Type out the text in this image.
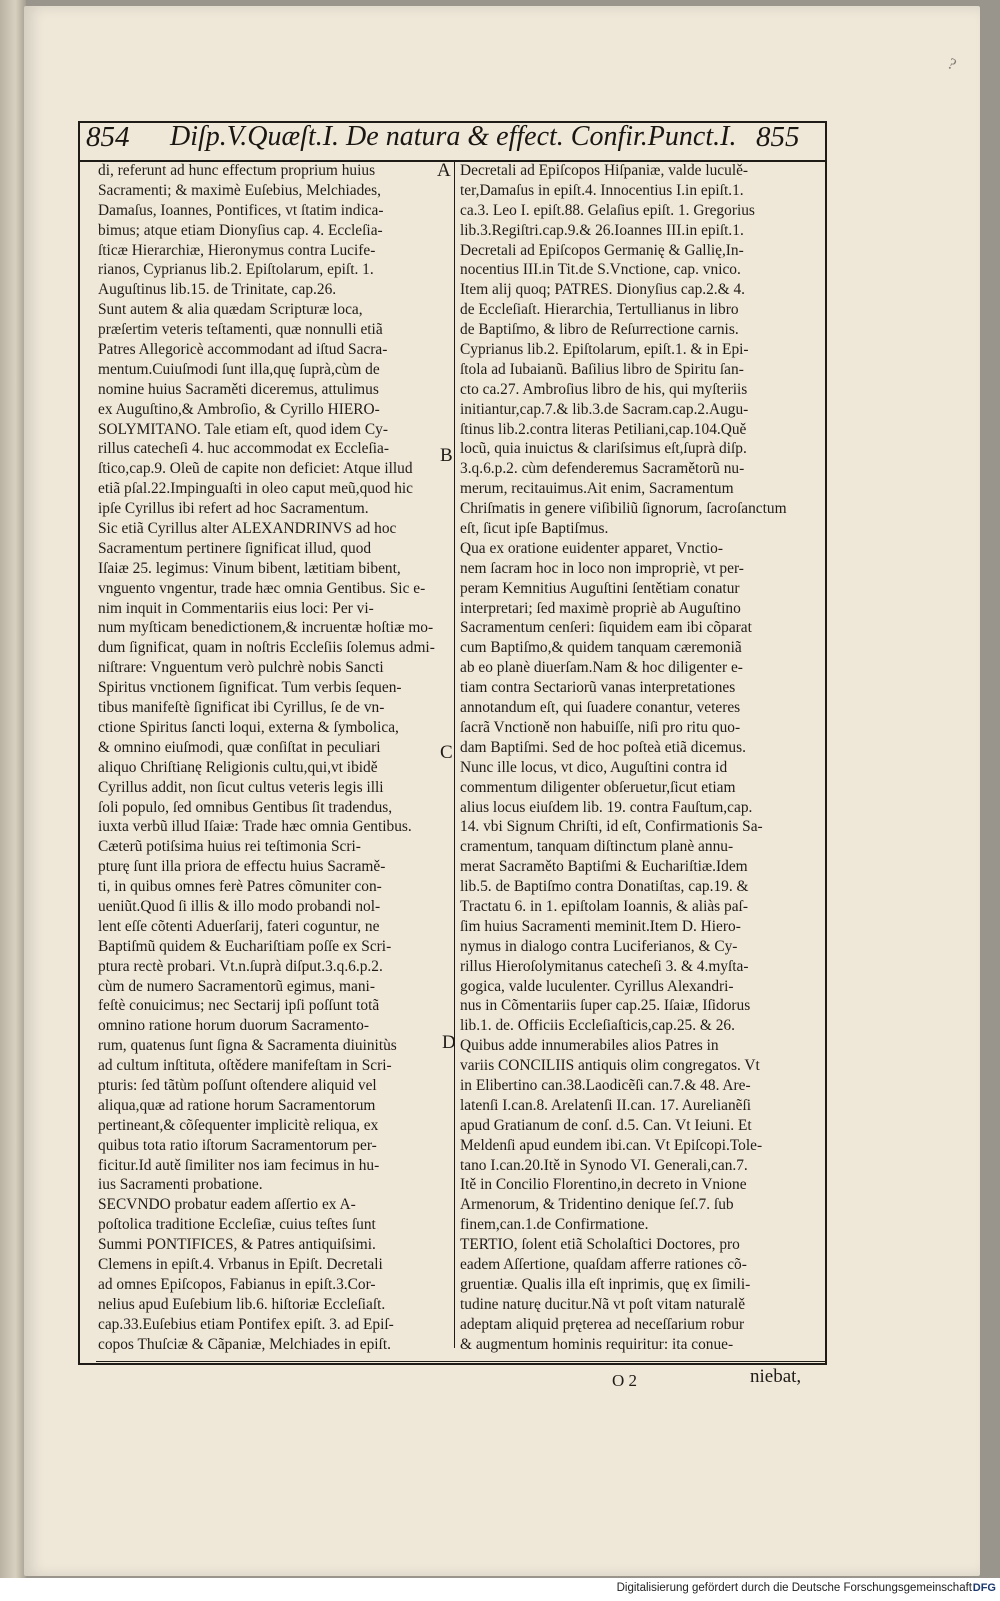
?
854 Diſp.V.Quæſt.I. De natura & effect. Confir.Punct.I. 855
di, referunt ad hunc effectum proprium huius
Sacramenti; & maximè Euſebius, Melchiades,
Damaſus, Ioannes, Pontifices, vt ſtatim indica-
bimus; atque etiam Dionyſius cap. 4. Eccleſia-
ſticæ Hierarchiæ, Hieronymus contra Lucife-
rianos, Cyprianus lib.2. Epiſtolarum, epiſt. 1.
Auguſtinus lib.15. de Trinitate, cap.26.
Sunt autem & alia quædam Scripturæ loca,
præſertim veteris teſtamenti, quæ nonnulli etiã
Patres Allegoricè accommodant ad iſtud Sacra-
mentum.Cuiuſmodi ſunt illa,quę ſuprà,cùm de
nomine huius Sacraměti diceremus, attulimus
ex Auguſtino,& Ambroſio, & Cyrillo HIERO-
SOLYMITANO. Tale etiam eſt, quod idem Cy-
rillus catecheſi 4. huc accommodat ex Eccleſia-
ſtico,cap.9. Oleũ de capite non deficiet: Atque illud
etiã pſal.22.Impinguaſti in oleo caput meũ,quod hic
ipſe Cyrillus ibi refert ad hoc Sacramentum.
Sic etiã Cyrillus alter ALEXANDRINVS ad hoc
Sacramentum pertinere ſignificat illud, quod
Iſaiæ 25. legimus: Vinum bibent, lætitiam bibent,
vnguento vngentur, trade hæc omnia Gentibus. Sic e-
nim inquit in Commentariis eius loci: Per vi-
num myſticam benedictionem,& incruentæ hoſtiæ mo-
dum ſignificat, quam in noſtris Eccleſiis ſolemus admi-
niſtrare: Vnguentum verò pulchrè nobis Sancti
Spiritus vnctionem ſignificat. Tum verbis ſequen-
tibus manifeſtè ſignificat ibi Cyrillus, ſe de vn-
ctione Spiritus ſancti loqui, externa & ſymbolica,
& omnino eiuſmodi, quæ conſiſtat in peculiari
aliquo Chriſtianę Religionis cultu,qui,vt ibidě
Cyrillus addit, non ſicut cultus veteris legis illi
ſoli populo, ſed omnibus Gentibus ſit tradendus,
iuxta verbũ illud Iſaiæ: Trade hæc omnia Gentibus.
Cæterũ potiſsima huius rei teſtimonia Scri-
pturę ſunt illa priora de effectu huius Sacramě-
ti, in quibus omnes ferè Patres cõmuniter con-
ueniũt.Quod ſi illis & illo modo probandi nol-
lent eſſe cõtenti Aduerſarij, fateri coguntur, ne
Baptiſmũ quidem & Euchariſtiam poſſe ex Scri-
ptura rectè probari. Vt.n.ſuprà diſput.3.q.6.p.2.
cùm de numero Sacramentorũ egimus, mani-
feſtè conuicimus; nec Sectarij ipſi poſſunt totã
omnino ratione horum duorum Sacramento-
rum, quatenus ſunt ſigna & Sacramenta diuinitùs
ad cultum inſtituta, oſtědere manifeſtam in Scri-
pturis: ſed tãtùm poſſunt oſtendere aliquid vel
aliqua,quæ ad ratione horum Sacramentorum
pertineant,& cõſequenter implicitè reliqua, ex
quibus tota ratio iſtorum Sacramentorum per-
ficitur.Id autě ſimiliter nos iam fecimus in hu-
ius Sacramenti probatione.
SECVNDO probatur eadem aſſertio ex A-
poſtolica traditione Eccleſiæ, cuius teſtes ſunt
Summi PONTIFICES, & Patres antiquiſsimi.
Clemens in epiſt.4. Vrbanus in Epiſt. Decretali
ad omnes Epiſcopos, Fabianus in epiſt.3.Cor-
nelius apud Euſebium lib.6. hiſtoriæ Eccleſiaſt.
cap.33.Euſebius etiam Pontifex epiſt. 3. ad Epiſ-
copos Thuſciæ & Cãpaniæ, Melchiades in epiſt.
Decretali ad Epiſcopos Hiſpaniæ, valde luculě-
ter,Damaſus in epiſt.4. Innocentius I.in epiſt.1.
ca.3. Leo I. epiſt.88. Gelaſius epiſt. 1. Gregorius
lib.3.Regiſtri.cap.9.& 26.Ioannes III.in epiſt.1.
Decretali ad Epiſcopos Germanię & Gallię,In-
nocentius III.in Tit.de S.Vnctione, cap. vnico.
Item alij quoq; PATRES. Dionyſius cap.2.& 4.
de Eccleſiaſt. Hierarchia, Tertullianus in libro
de Baptiſmo, & libro de Reſurrectione carnis.
Cyprianus lib.2. Epiſtolarum, epiſt.1. & in Epi-
ſtola ad Iubaianũ. Baſilius libro de Spiritu ſan-
cto ca.27. Ambroſius libro de his, qui myſteriis
initiantur,cap.7.& lib.3.de Sacram.cap.2.Augu-
ſtinus lib.2.contra literas Petiliani,cap.104.Quě
locũ, quia inuictus & clariſsimus eſt,ſuprà diſp.
3.q.6.p.2. cùm defenderemus Sacramětorũ nu-
merum, recitauimus.Ait enim, Sacramentum
Chriſmatis in genere viſibiliũ ſignorum, ſacroſanctum
eſt, ſicut ipſe Baptiſmus.
Qua ex oratione euidenter apparet, Vnctio-
nem ſacram hoc in loco non impropriè, vt per-
peram Kemnitius Auguſtini ſentětiam conatur
interpretari; ſed maximè propriè ab Auguſtino
Sacramentum cenſeri: ſiquidem eam ibi cõparat
cum Baptiſmo,& quidem tanquam cæremoniã
ab eo planè diuerſam.Nam & hoc diligenter e-
tiam contra Sectariorũ vanas interpretationes
annotandum eſt, qui ſuadere conantur, veteres
ſacrã Vnctioně non habuiſſe, niſi pro ritu quo-
dam Baptiſmi. Sed de hoc poſteà etiã dicemus.
Nunc ille locus, vt dico, Auguſtini contra id
commentum diligenter obſeruetur,ſicut etiam
alius locus eiuſdem lib. 19. contra Fauſtum,cap.
14. vbi Signum Chriſti, id eſt, Confirmationis Sa-
cramentum, tanquam diſtinctum planè annu-
merat Sacraměto Baptiſmi & Euchariſtiæ.Idem
lib.5. de Baptiſmo contra Donatiſtas, cap.19. &
Tractatu 6. in 1. epiſtolam Ioannis, & aliàs paſ-
ſim huius Sacramenti meminit.Item D. Hiero-
nymus in dialogo contra Luciferianos, & Cy-
rillus Hieroſolymitanus catecheſi 3. & 4.myſta-
gogica, valde luculenter. Cyrillus Alexandri-
nus in Cõmentariis ſuper cap.25. Iſaiæ, Iſidorus
lib.1. de. Officiis Eccleſiaſticis,cap.25. & 26.
Quibus adde innumerabiles alios Patres in
variis CONCILIIS antiquis olim congregatos. Vt
in Elibertino can.38.Laodicẽſi can.7.& 48. Are-
latenſi I.can.8. Arelatenſi II.can. 17. Aurelianẽſi
apud Gratianum de conſ. d.5. Can. Vt Ieiuni. Et
Meldenſi apud eundem ibi.can. Vt Epiſcopi.Tole-
tano I.can.20.Itě in Synodo VI. Generali,can.7.
Itě in Concilio Florentino,in decreto in Vnione
Armenorum, & Tridentino denique ſeſ.7. ſub
finem,can.1.de Confirmatione.
TERTIO, ſolent etiã Scholaſtici Doctores, pro
eadem Aſſertione, quaſdam afferre rationes cõ-
gruentiæ. Qualis illa eſt inprimis, quę ex ſimili-
tudine naturę ducitur.Nã vt poſt vitam naturalě
adeptam aliquid pręterea ad neceſſarium robur
& augmentum hominis requiritur: ita conue-
A
B
C
D
O 2	niebat,
Digitalisierung gefördert durch die Deutsche Forschungsgemeinschaft DFG
